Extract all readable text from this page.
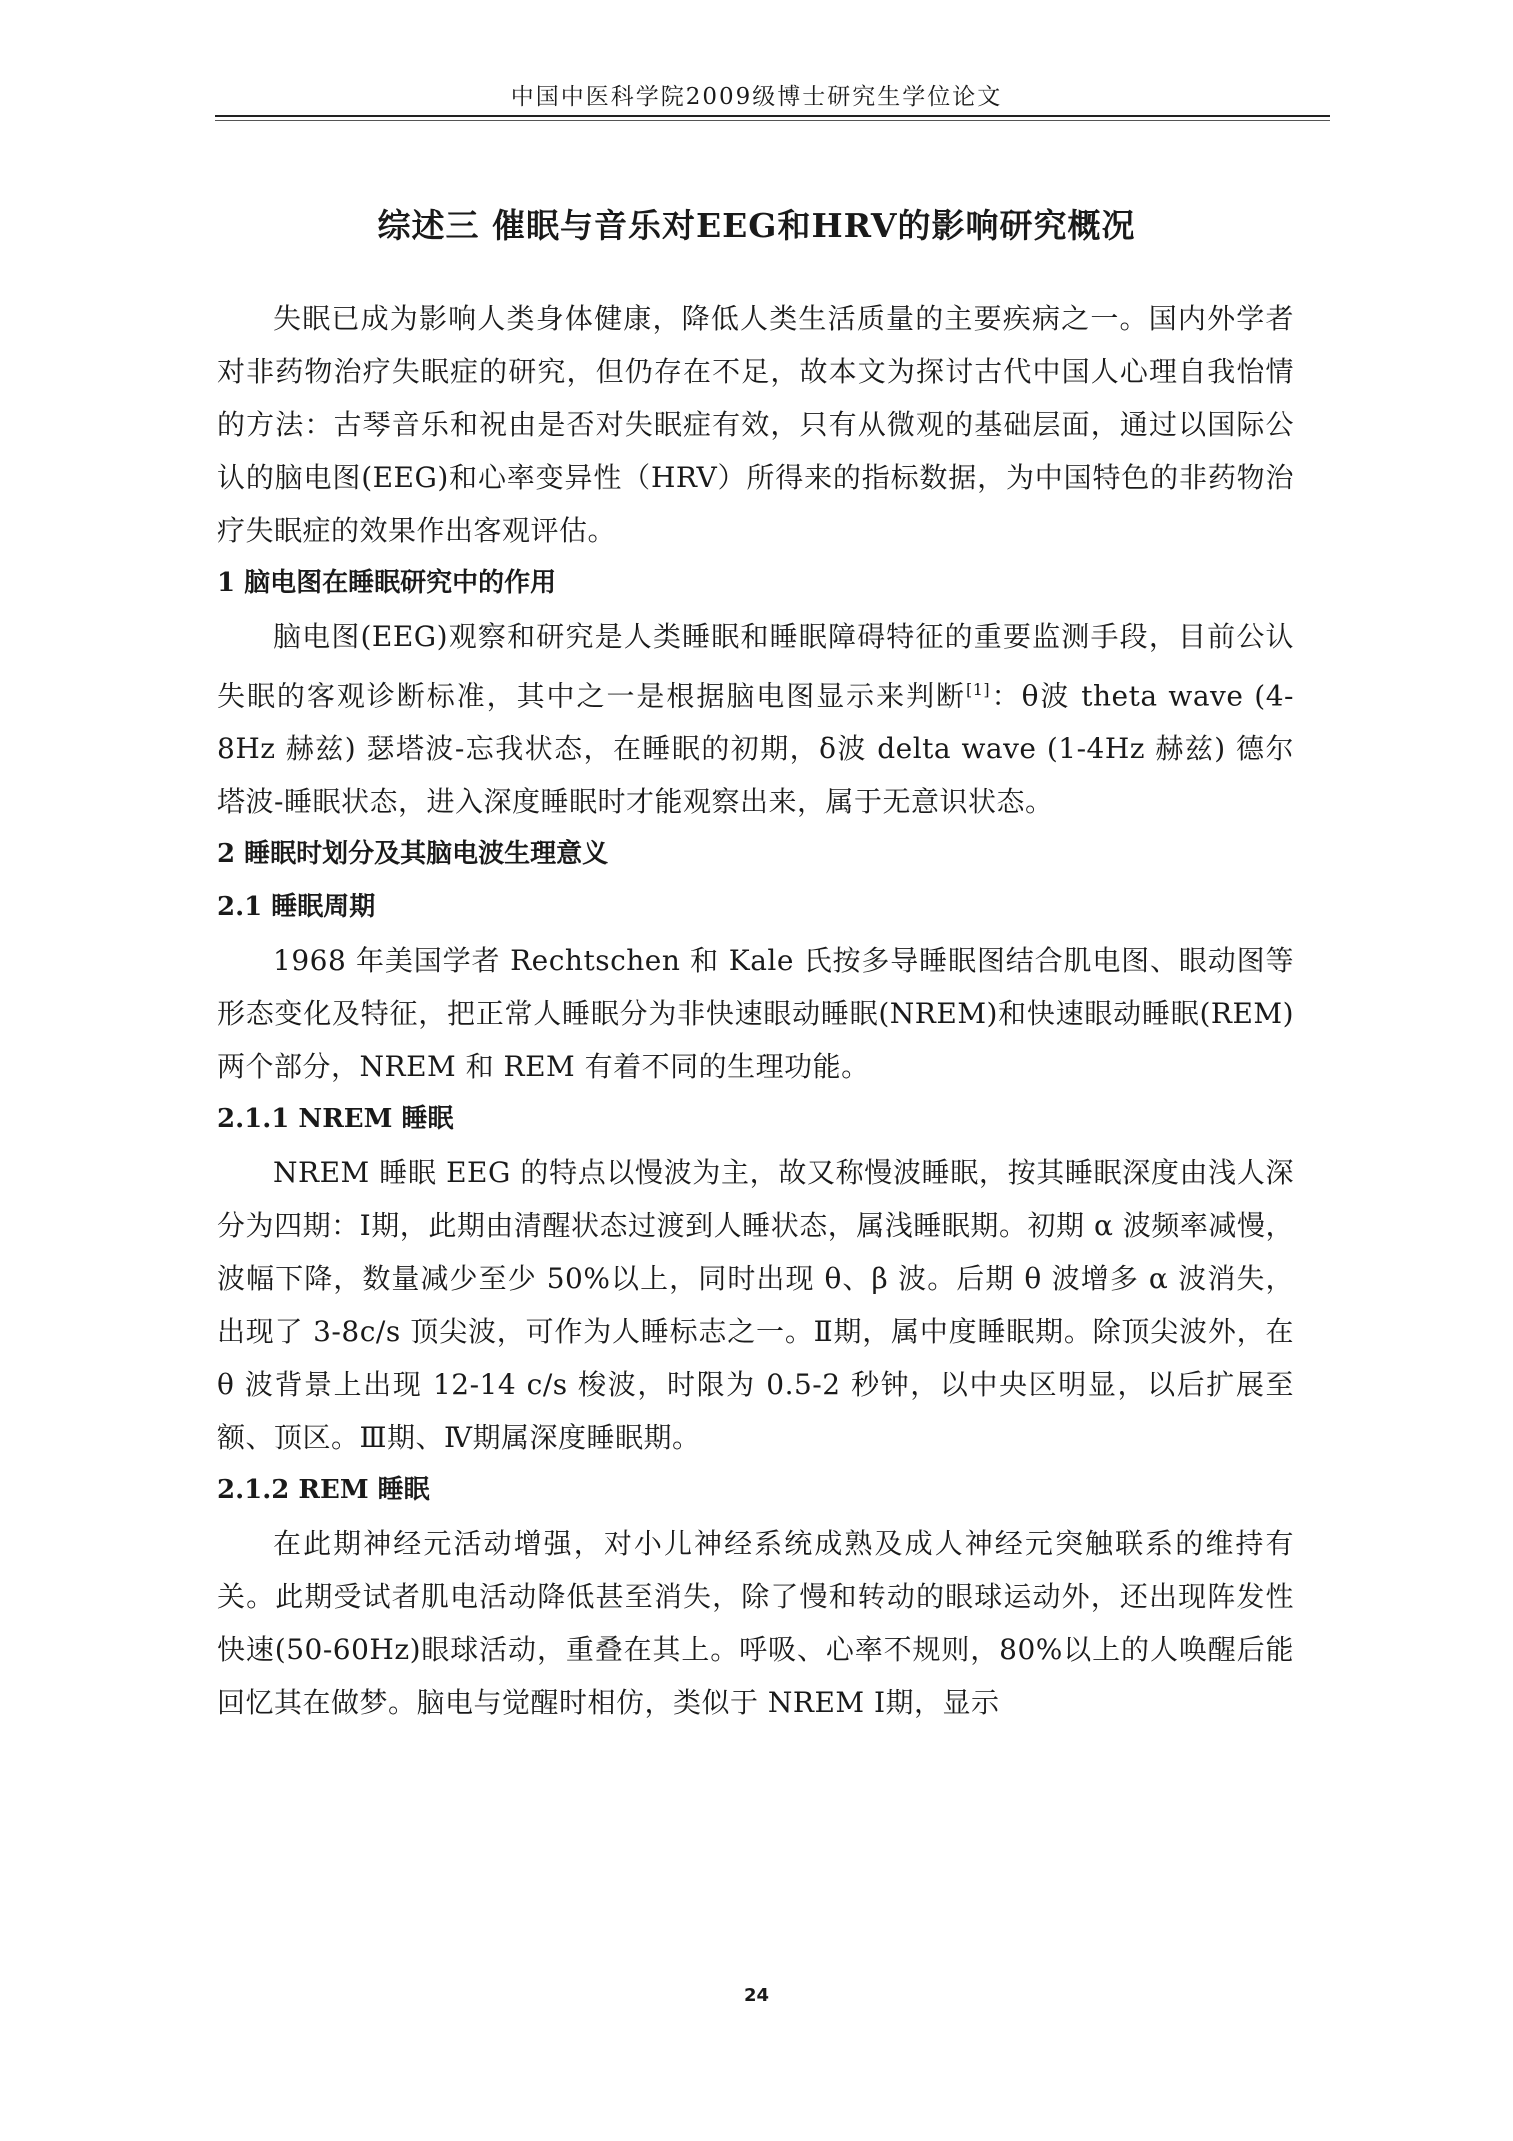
中国中医科学院2009级博士研究生学位论文
综述三 催眠与音乐对EEG和HRV的影响研究概况

失眠已成为影响人类身体健康，降低人类生活质量的主要疾病之一。国内外学者对非药物治疗失眠症的研究，但仍存在不足，故本文为探讨古代中国人心理自我怡情的方法：古琴音乐和祝由是否对失眠症有效，只有从微观的基础层面，通过以国际公认的脑电图(EEG)和心率变异性（HRV）所得来的指标数据，为中国特色的非药物治疗失眠症的效果作出客观评估。

1 脑电图在睡眠研究中的作用

脑电图(EEG)观察和研究是人类睡眠和睡眠障碍特征的重要监测手段，目前公认失眠的客观诊断标准，其中之一是根据脑电图显示来判断[1]：θ波 theta wave (4-8Hz 赫兹) 瑟塔波-忘我状态，在睡眠的初期，δ波 delta wave (1-4Hz 赫兹) 德尔塔波-睡眠状态，进入深度睡眠时才能观察出来，属于无意识状态。

2 睡眠时划分及其脑电波生理意义

2.1 睡眠周期

1968 年美国学者 Rechtschen 和 Kale 氏按多导睡眠图结合肌电图、眼动图等形态变化及特征，把正常人睡眠分为非快速眼动睡眠(NREM)和快速眼动睡眠(REM)两个部分，NREM 和 REM 有着不同的生理功能。

2.1.1 NREM 睡眠

NREM 睡眠 EEG 的特点以慢波为主，故又称慢波睡眠，按其睡眠深度由浅人深分为四期：Ⅰ期，此期由清醒状态过渡到人睡状态，属浅睡眠期。初期 α 波频率减慢，波幅下降，数量减少至少 50%以上，同时出现 θ、β 波。后期 θ 波增多 α 波消失，出现了 3-8c/s 顶尖波，可作为人睡标志之一。Ⅱ期，属中度睡眠期。除顶尖波外，在 θ 波背景上出现 12-14 c/s 梭波，时限为 0.5-2 秒钟，以中央区明显，以后扩展至额、顶区。Ⅲ期、Ⅳ期属深度睡眠期。

2.1.2 REM 睡眠

在此期神经元活动增强，对小儿神经系统成熟及成人神经元突触联系的维持有关。此期受试者肌电活动降低甚至消失，除了慢和转动的眼球运动外，还出现阵发性快速(50-60Hz)眼球活动，重叠在其上。呼吸、心率不规则，80%以上的人唤醒后能回忆其在做梦。脑电与觉醒时相仿，类似于 NREM Ⅰ期，显示

24
